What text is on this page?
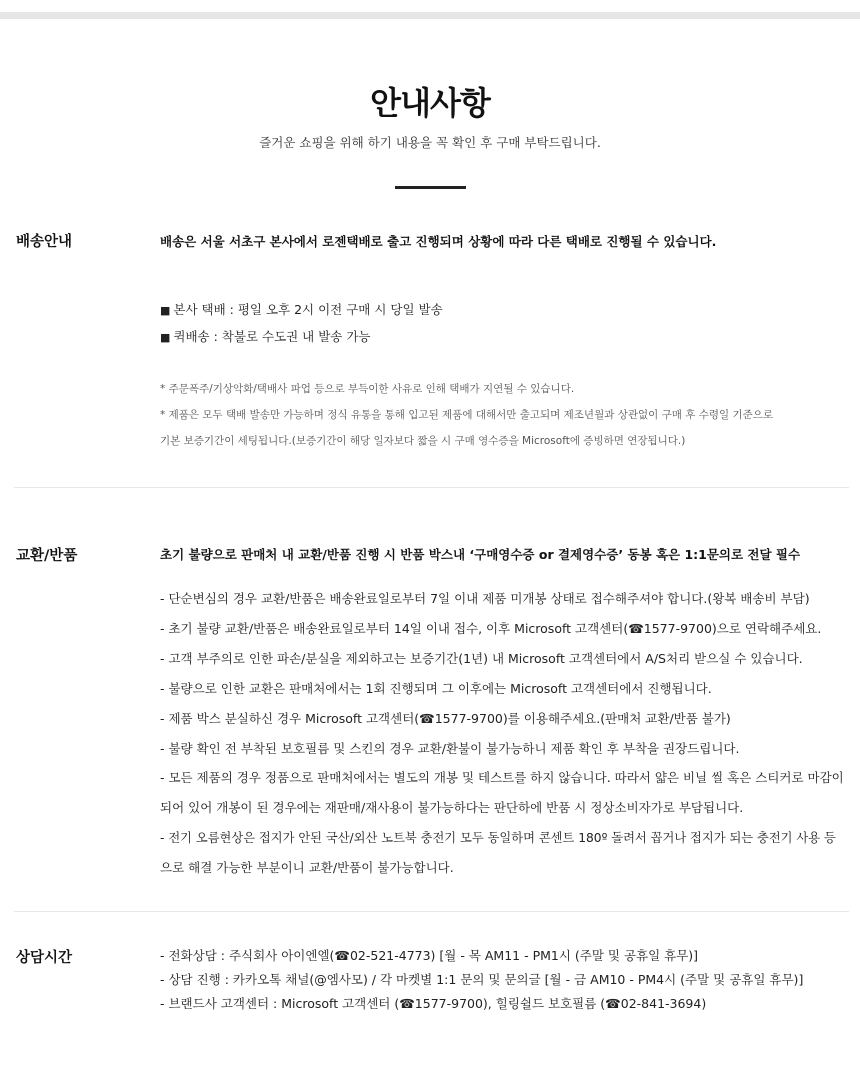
안내사항
즐거운 쇼핑을 위해 하기 내용을 꼭 확인 후 구매 부탁드립니다.
배송안내	배송은 서울 서초구 본사에서 로젠택배로 출고 진행되며 상황에 따라 다른 택배로 진행될 수 있습니다.
■ 본사 택배 : 평일 오후 2시 이전 구매 시 당일 발송
■ 퀵배송 : 착불로 수도권 내 발송 가능
* 주문폭주/기상악화/택배사 파업 등으로 부득이한 사유로 인해 택배가 지연될 수 있습니다.
* 제품은 모두 택배 발송만 가능하며 정식 유통을 통해 입고된 제품에 대해서만 출고되며 제조년월과 상관없이 구매 후 수령일 기준으로
기본 보증기간이 세팅됩니다.(보증기간이 해당 일자보다 짧을 시 구매 영수증을 Microsoft에 증빙하면 연장됩니다.)
교환/반품	초기 불량으로 판매처 내 교환/반품 진행 시 반품 박스내 ‘구매영수증 or 결제영수증’ 동봉 혹은 1:1문의로 전달 필수
- 단순변심의 경우 교환/반품은 배송완료일로부터 7일 이내 제품 미개봉 상태로 접수해주셔야 합니다.(왕복 배송비 부담)
- 초기 불량 교환/반품은 배송완료일로부터 14일 이내 접수, 이후 Microsoft 고객센터(☎1577-9700)으로 연락해주세요.
- 고객 부주의로 인한 파손/분실을 제외하고는 보증기간(1년) 내 Microsoft 고객센터에서 A/S처리 받으실 수 있습니다.
- 불량으로 인한 교환은 판매처에서는 1회 진행되며 그 이후에는 Microsoft 고객센터에서 진행됩니다.
- 제품 박스 분실하신 경우 Microsoft 고객센터(☎1577-9700)를 이용해주세요.(판매처 교환/반품 불가)
- 불량 확인 전 부착된 보호필름 및 스킨의 경우 교환/환불이 불가능하니 제품 확인 후 부착을 권장드립니다.
- 모든 제품의 경우 정품으로 판매처에서는 별도의 개봉 및 테스트를 하지 않습니다. 따라서 얇은 비닐 씰 혹은 스티커로 마감이
되어 있어 개봉이 된 경우에는 재판매/재사용이 불가능하다는 판단하에 반품 시 정상소비자가로 부담됩니다.
- 전기 오름현상은 접지가 안된 국산/외산 노트북 충전기 모두 동일하며 콘센트 180º 돌려서 꼽거나 접지가 되는 충전기 사용 등
으로 해결 가능한 부분이니 교환/반품이 불가능합니다.
상담시간	- 전화상담 : 주식회사 아이엔엘(☎02-521-4773) [월 - 목 AM11 - PM1시 (주말 및 공휴일 휴무)]
- 상담 진행 : 카카오톡 채널(@엠사모) / 각 마켓별 1:1 문의 및 문의글 [월 - 금 AM10 - PM4시 (주말 및 공휴일 휴무)]
- 브랜드사 고객센터 : Microsoft 고객센터 (☎1577-9700), 힐링쉴드 보호필름 (☎02-841-3694)
